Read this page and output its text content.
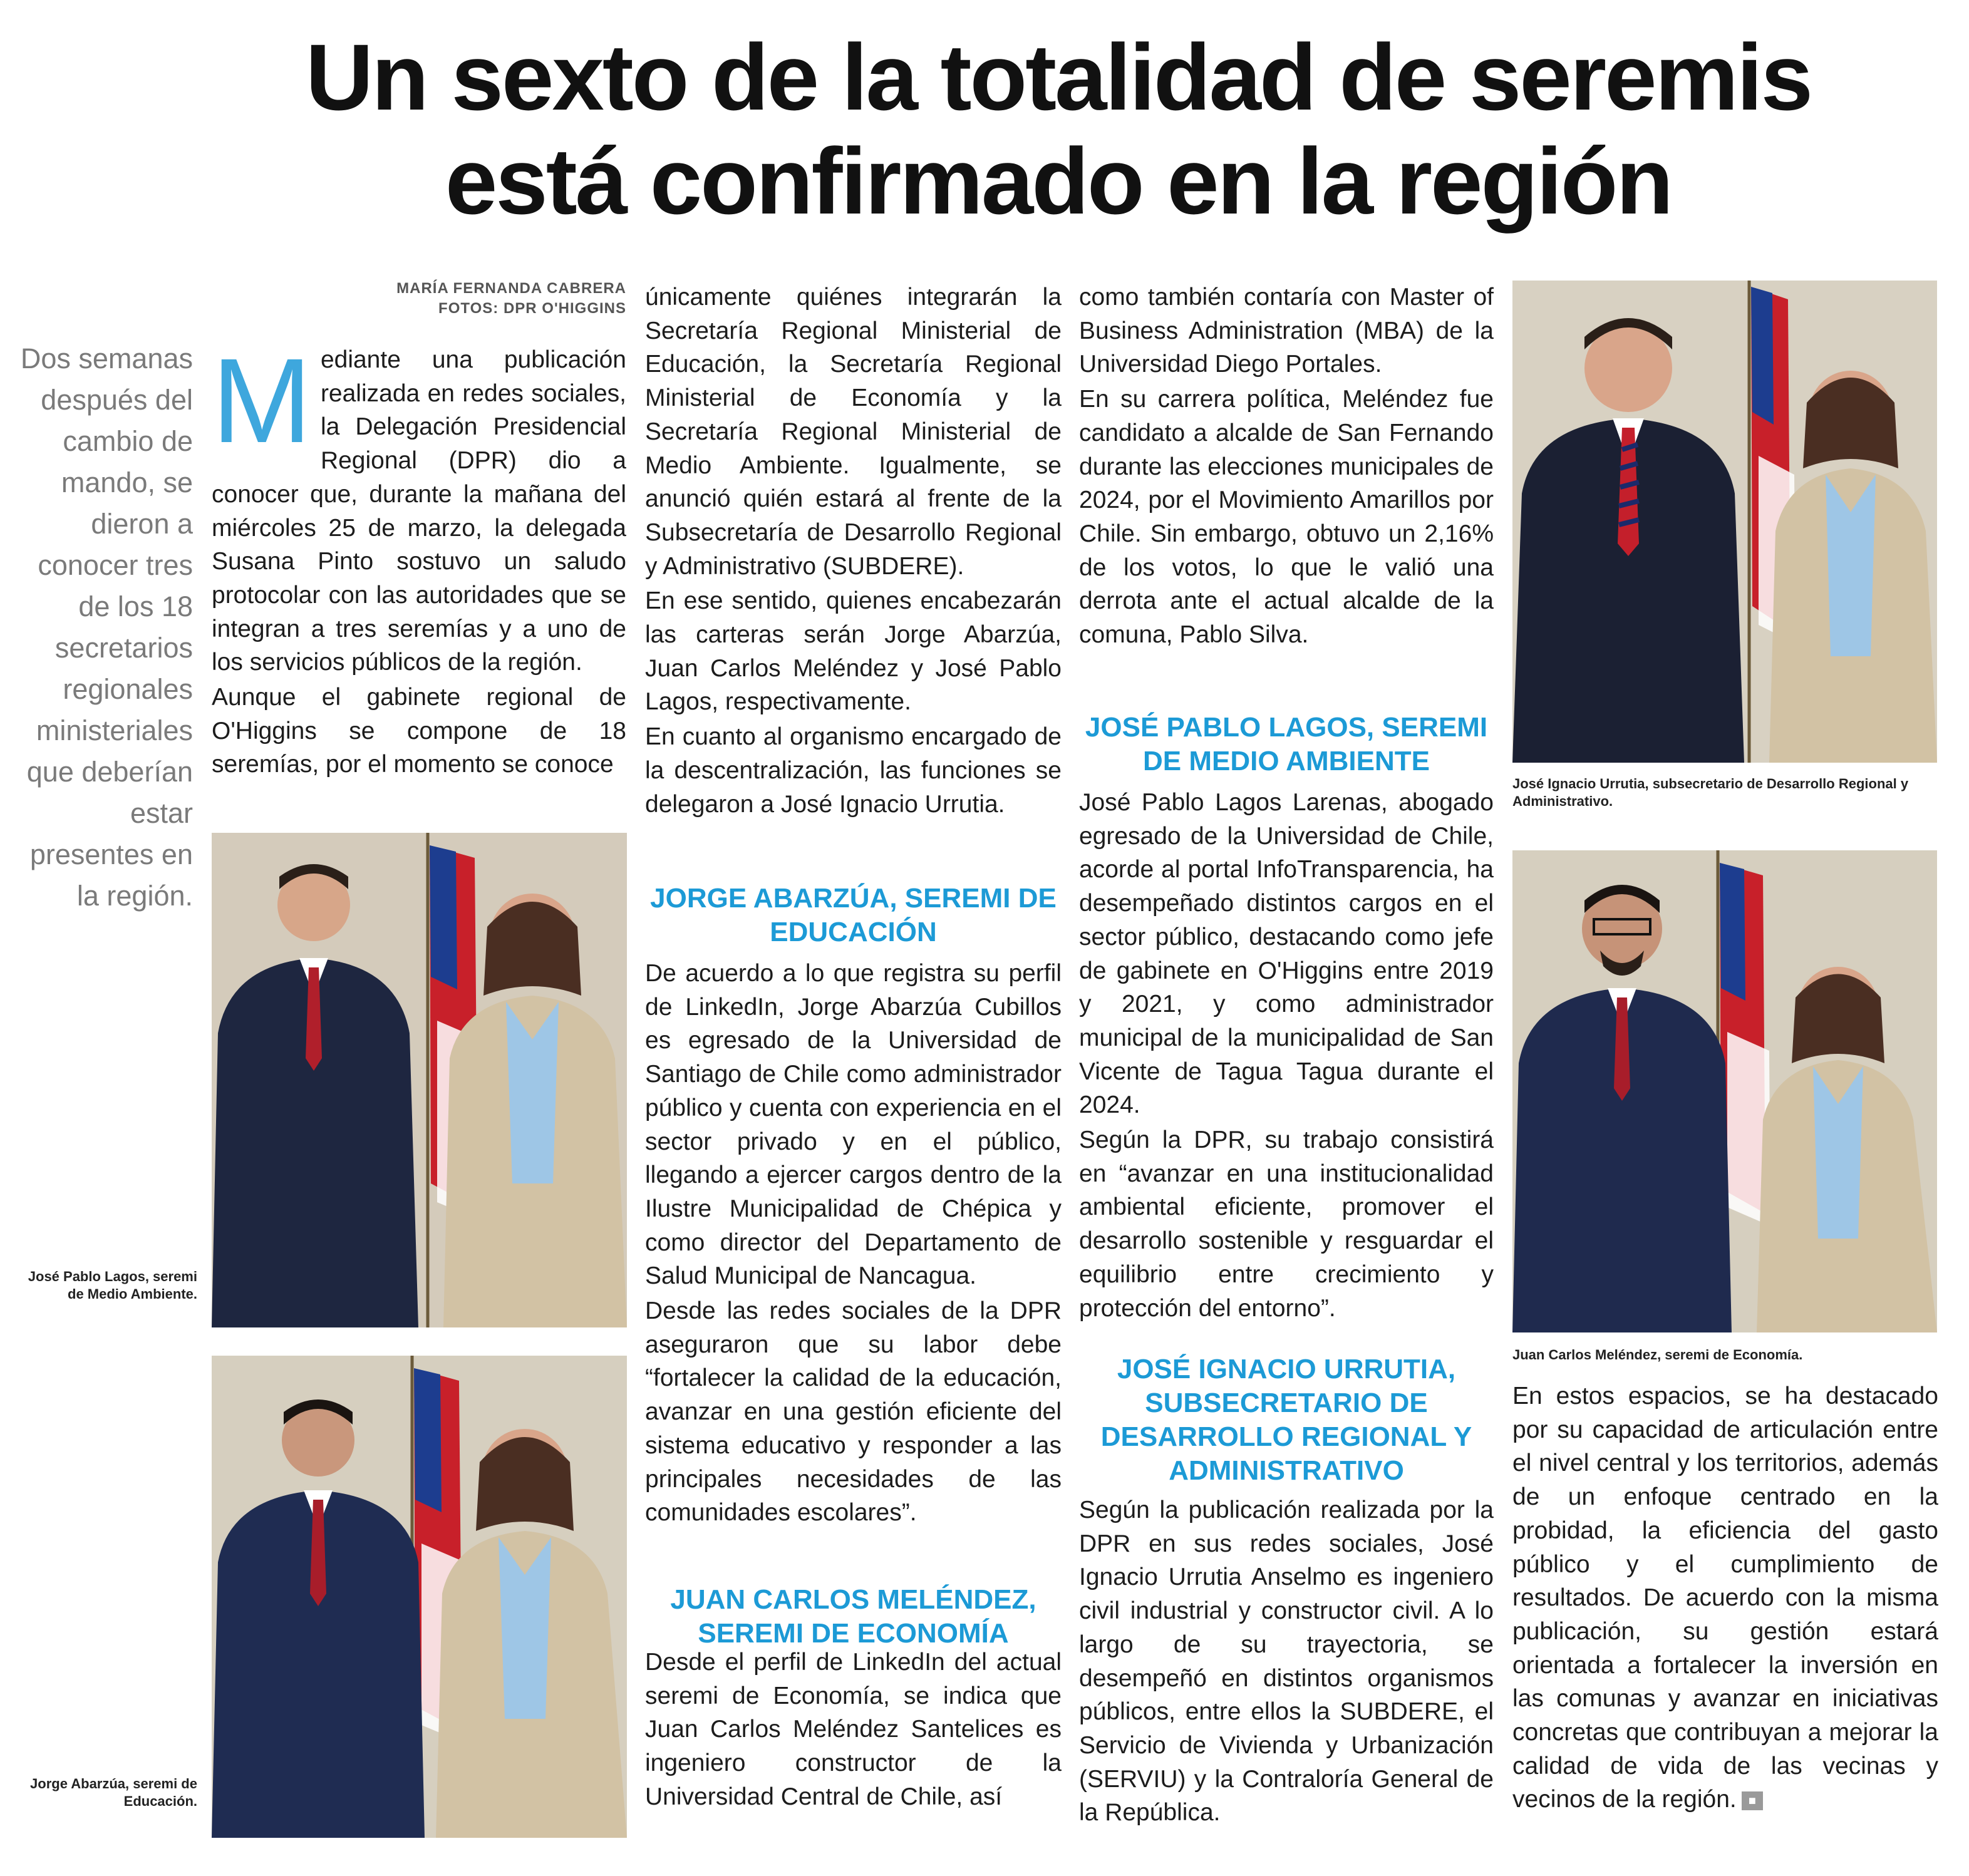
Un sexto de la totalidad de seremis está confirmado en la región
MARÍA FERNANDA CABRERA
FOTOS: DPR O'HIGGINS
Dos semanas después del cambio de mando, se dieron a conocer tres de los 18 secretarios regionales ministeriales que deberían estar presentes en la región.

Mediante una publicación realizada en redes sociales, la Delegación Presidencial Regional (DPR) dio a conocer que, durante la mañana del miércoles 25 de marzo, la delegada Susana Pinto sostuvo un saludo protocolar con las autoridades que se integran a tres seremías y a uno de los servicios públicos de la región.

Aunque el gabinete regional de O'Higgins se compone de 18 seremías, por el momento se conoce

José Pablo Lagos, seremi de Medio Ambiente.
Jorge Abarzúa, seremi de Educación.

únicamente quiénes integrarán la Secretaría Regional Ministerial de Educación, la Secretaría Regional Ministerial de Economía y la Secretaría Regional Ministerial de Medio Ambiente. Igualmente, se anunció quién estará al frente de la Subsecretaría de Desarrollo Regional y Administrativo (SUBDERE).

En ese sentido, quienes encabezarán las carteras serán Jorge Abarzúa, Juan Carlos Meléndez y José Pablo Lagos, respectivamente.

En cuanto al organismo encargado de la descentralización, las funciones se delegaron a José Ignacio Urrutia.

JORGE ABARZÚA, SEREMI DE EDUCACIÓN

De acuerdo a lo que registra su perfil de LinkedIn, Jorge Abarzúa Cubillos es egresado de la Universidad de Santiago de Chile como administrador público y cuenta con experiencia en el sector privado y en el público, llegando a ejercer cargos dentro de la Ilustre Municipalidad de Chépica y como director del Departamento de Salud Municipal de Nancagua.

Desde las redes sociales de la DPR aseguraron que su labor debe “fortalecer la calidad de la educación, avanzar en una gestión eficiente del sistema educativo y responder a las principales necesidades de las comunidades escolares”.

JUAN CARLOS MELÉNDEZ, SEREMI DE ECONOMÍA

Desde el perfil de LinkedIn del actual seremi de Economía, se indica que Juan Carlos Meléndez Santelices es ingeniero constructor de la Universidad Central de Chile, así

como también contaría con Master of Business Administration (MBA) de la Universidad Diego Portales.

En su carrera política, Meléndez fue candidato a alcalde de San Fernando durante las elecciones municipales de 2024, por el Movimiento Amarillos por Chile. Sin embargo, obtuvo un 2,16% de los votos, lo que le valió una derrota ante el actual alcalde de la comuna, Pablo Silva.

JOSÉ PABLO LAGOS, SEREMI DE MEDIO AMBIENTE

José Pablo Lagos Larenas, abogado egresado de la Universidad de Chile, acorde al portal InfoTransparencia, ha desempeñado distintos cargos en el sector público, destacando como jefe de gabinete en O'Higgins entre 2019 y 2021, y como administrador municipal de la municipalidad de San Vicente de Tagua Tagua durante el 2024.

Según la DPR, su trabajo consistirá en “avanzar en una institucionalidad ambiental eficiente, promover el desarrollo sostenible y resguardar el equilibrio entre crecimiento y protección del entorno”.

JOSÉ IGNACIO URRUTIA, SUBSECRETARIO DE DESARROLLO REGIONAL Y ADMINISTRATIVO

Según la publicación realizada por la DPR en sus redes sociales, José Ignacio Urrutia Anselmo es ingeniero civil industrial y constructor civil. A lo largo de su trayectoria, se desempeñó en distintos organismos públicos, entre ellos la SUBDERE, el Servicio de Vivienda y Urbanización (SERVIU) y la Contraloría General de la República.

José Ignacio Urrutia, subsecretario de Desarrollo Regional y Administrativo.
Juan Carlos Meléndez, seremi de Economía.

En estos espacios, se ha destacado por su capacidad de articulación entre el nivel central y los territorios, además de un enfoque centrado en la probidad, la eficiencia del gasto público y el cumplimiento de resultados. De acuerdo con la misma publicación, su gestión estará orientada a fortalecer la inversión en las comunas y avanzar en iniciativas concretas que contribuyan a mejorar la calidad de vida de las vecinas y vecinos de la región. ■
